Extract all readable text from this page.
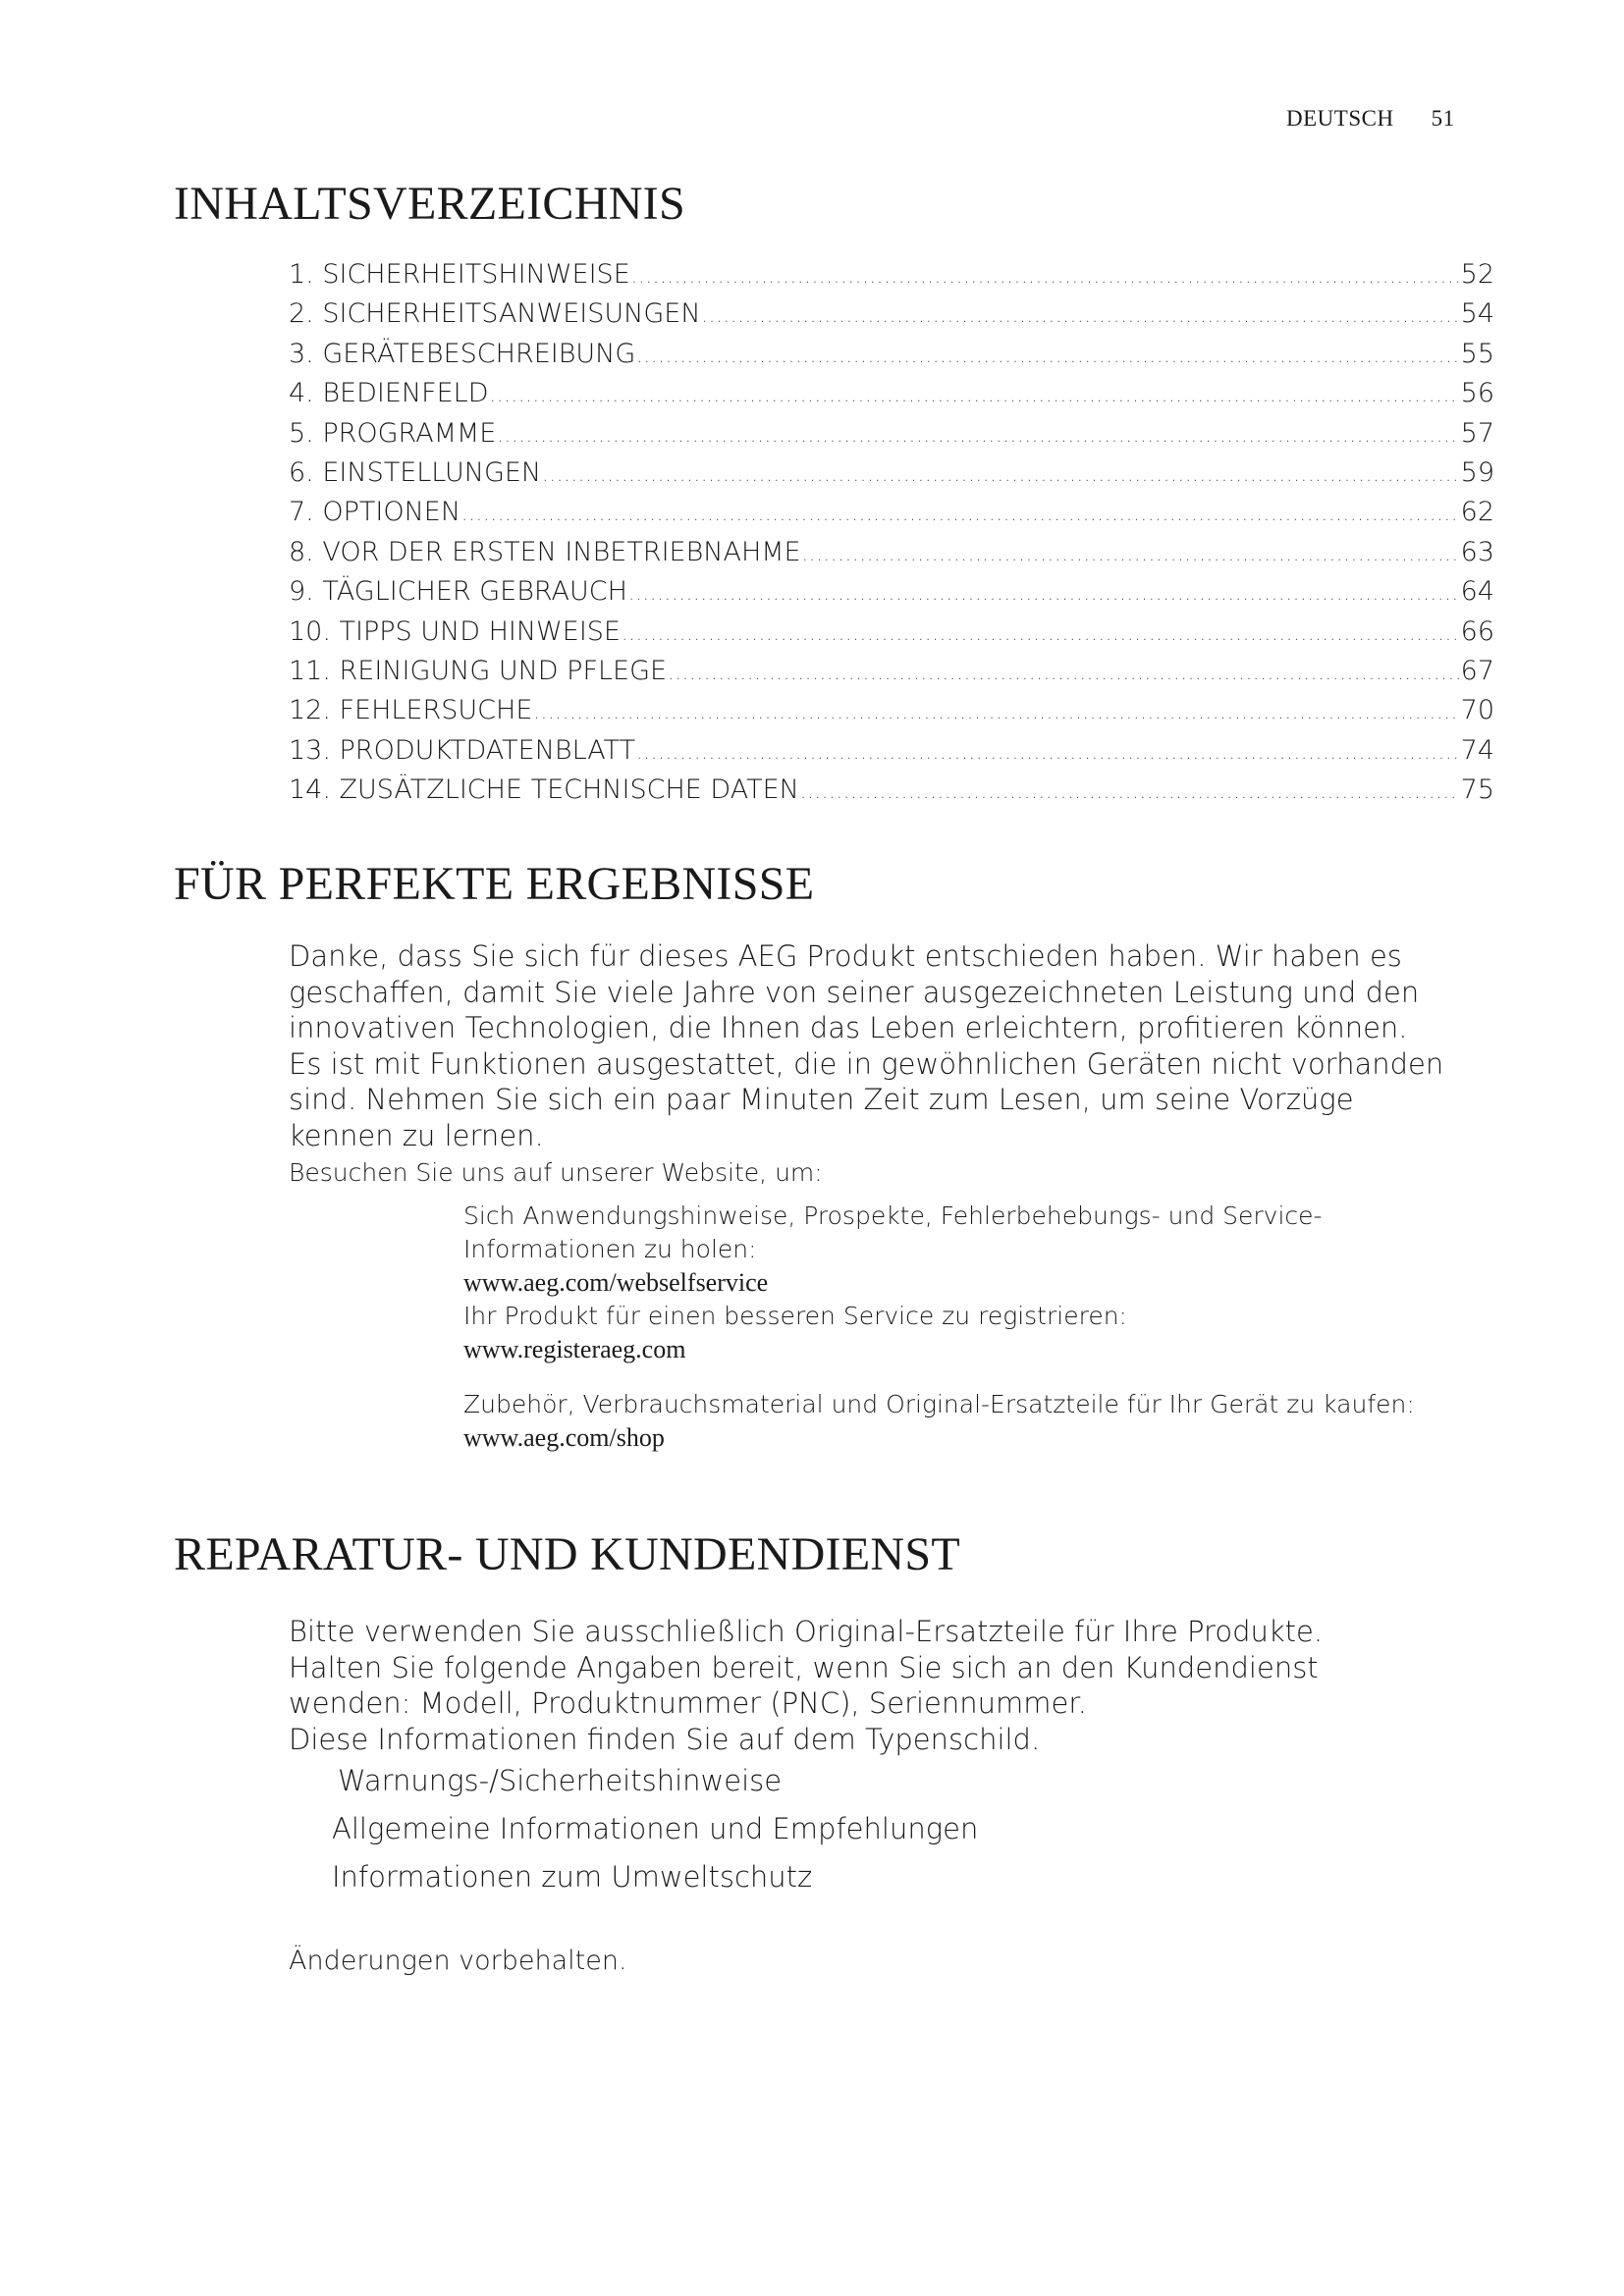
DEUTSCH 51
INHALTSVERZEICHNIS
1. SICHERHEITSHINWEISE .....	52
2. SICHERHEITSANWEISUNGEN .....	54
3. GERÄTEBESCHREIBUNG .....	55
4. BEDIENFELD .....	56
5. PROGRAMME .....	57
6. EINSTELLUNGEN .....	59
7. OPTIONEN .....	62
8. VOR DER ERSTEN INBETRIEBNAHME .....	63
9. TÄGLICHER GEBRAUCH .....	64
10. TIPPS UND HINWEISE .....	66
11. REINIGUNG UND PFLEGE .....	67
12. FEHLERSUCHE .....	70
13. PRODUKTDATENBLATT .....	74
14. ZUSÄTZLICHE TECHNISCHE DATEN .....	75
FÜR PERFEKTE ERGEBNISSE
Danke, dass Sie sich für dieses AEG Produkt entschieden haben. Wir haben es
geschaffen, damit Sie viele Jahre von seiner ausgezeichneten Leistung und den
innovativen Technologien, die Ihnen das Leben erleichtern, profitieren können.
Es ist mit Funktionen ausgestattet, die in gewöhnlichen Geräten nicht vorhanden
sind. Nehmen Sie sich ein paar Minuten Zeit zum Lesen, um seine Vorzüge
kennen zu lernen.

Besuchen Sie uns auf unserer Website, um:

Sich Anwendungshinweise, Prospekte, Fehlerbehebungs- und Service-
Informationen zu holen:
www.aeg.com/webselfservice
Ihr Produkt für einen besseren Service zu registrieren:
www.registeraeg.com
Zubehör, Verbrauchsmaterial und Original-Ersatzteile für Ihr Gerät zu kaufen:
www.aeg.com/shop
REPARATUR- UND KUNDENDIENST
Bitte verwenden Sie ausschließlich Original-Ersatzteile für Ihre Produkte.
Halten Sie folgende Angaben bereit, wenn Sie sich an den Kundendienst
wenden: Modell, Produktnummer (PNC), Seriennummer.
Diese Informationen finden Sie auf dem Typenschild.
Warnungs-/Sicherheitshinweise
Allgemeine Informationen und Empfehlungen
Informationen zum Umweltschutz
Änderungen vorbehalten.
